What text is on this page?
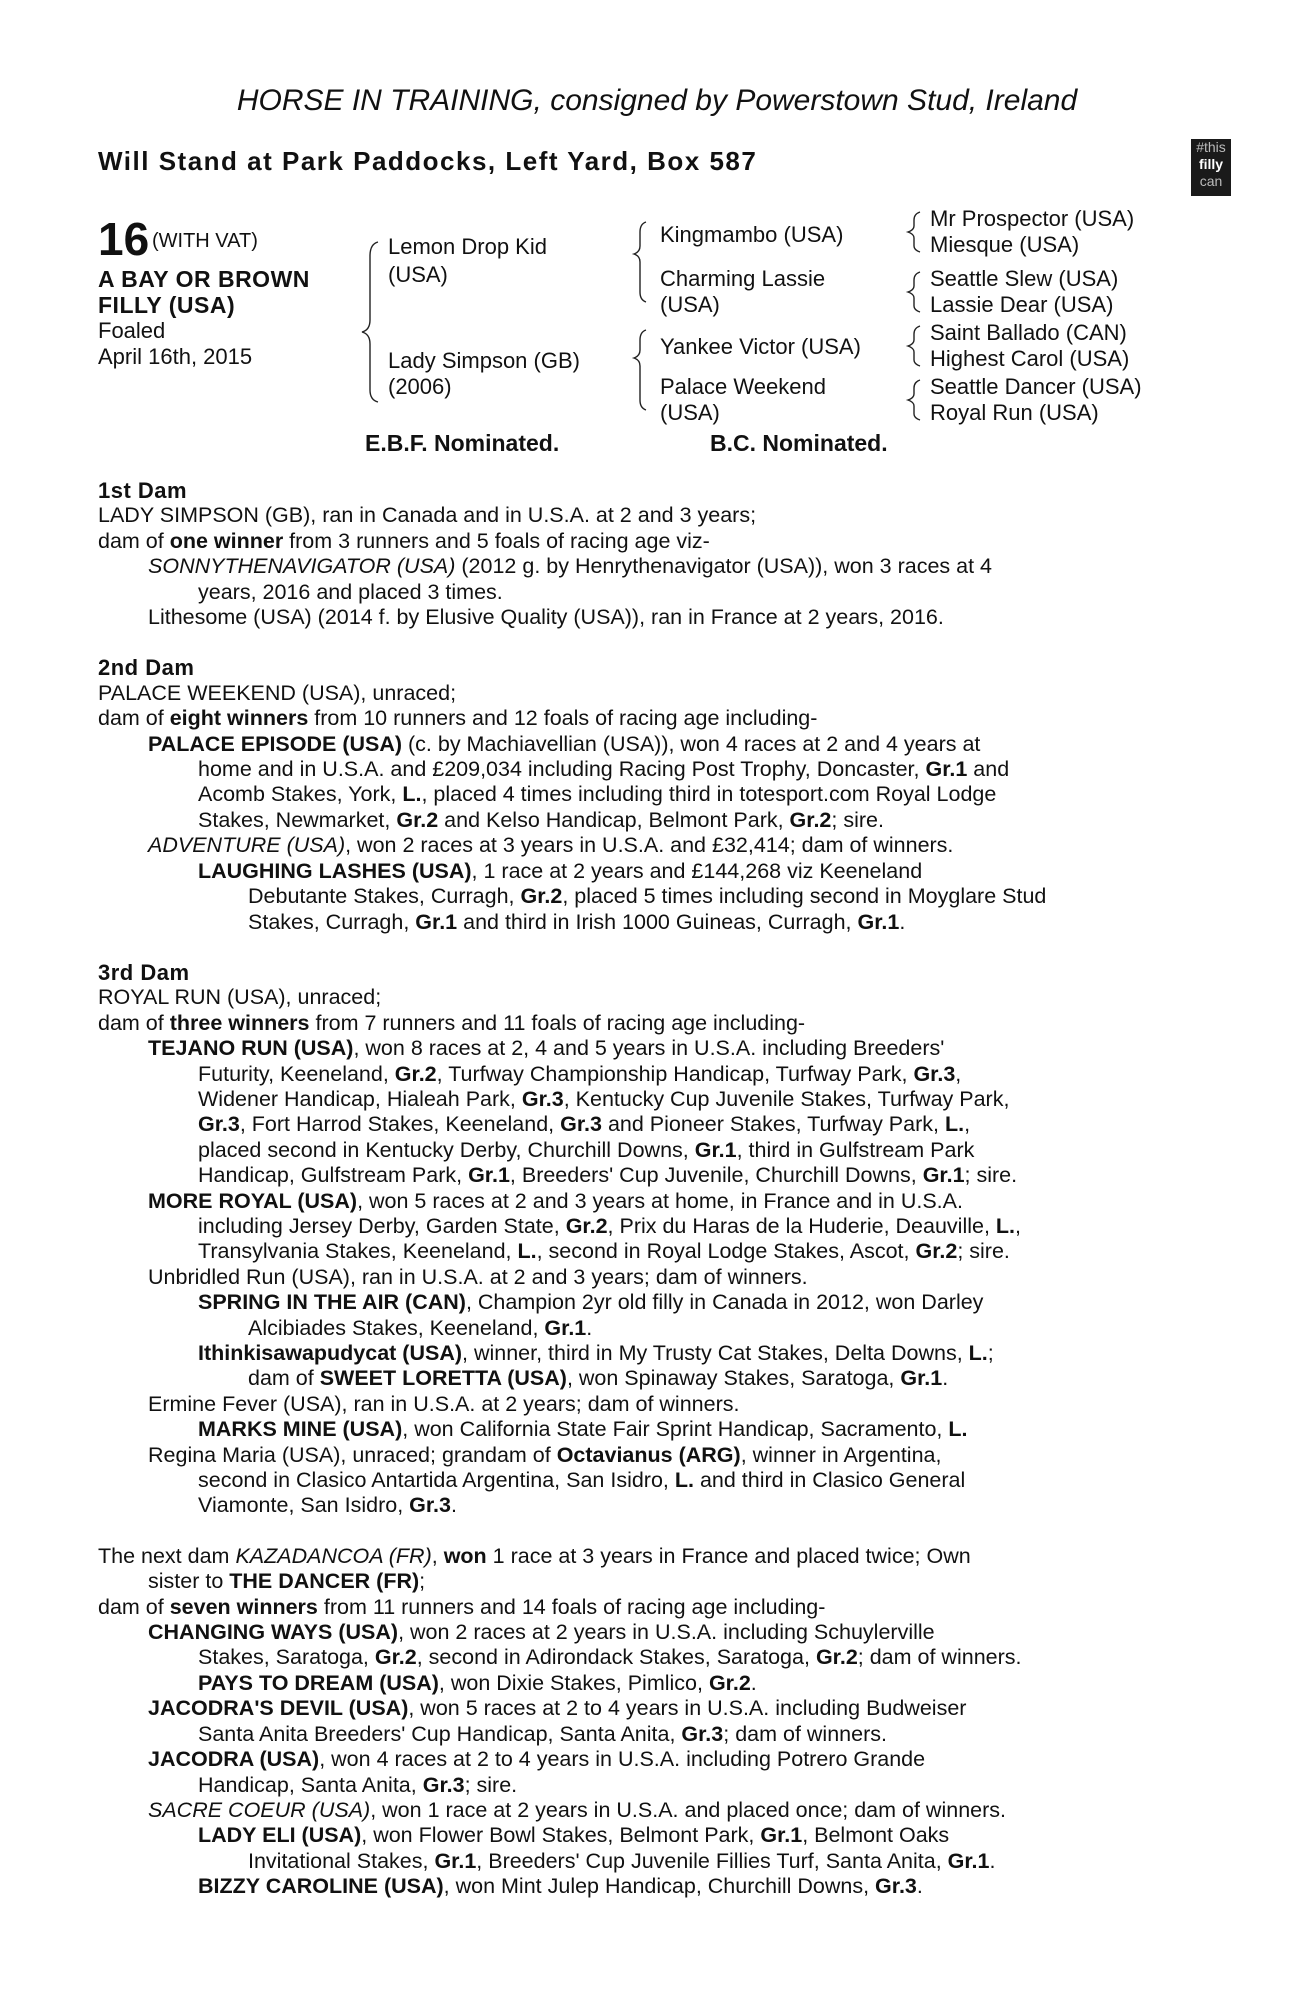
HORSE IN TRAINING, consigned by Powerstown Stud, Ireland
Will Stand at Park Paddocks, Left Yard, Box 587	#this
filly
can
16 (WITH VAT)
A BAY OR BROWN
FILLY (USA)
Foaled
April 16th, 2015
Lemon Drop Kid
(USA)
Lady Simpson (GB)
(2006)
Kingmambo (USA)
Charming Lassie
(USA)
Yankee Victor (USA)
Palace Weekend
(USA)
Mr Prospector (USA)
Miesque (USA)
Seattle Slew (USA)
Lassie Dear (USA)
Saint Ballado (CAN)
Highest Carol (USA)
Seattle Dancer (USA)
Royal Run (USA)
E.B.F. Nominated.	B.C. Nominated.
1st Dam
LADY SIMPSON (GB), ran in Canada and in U.S.A. at 2 and 3 years;
dam of one winner from 3 runners and 5 foals of racing age viz-
SONNYTHENAVIGATOR (USA) (2012 g. by Henrythenavigator (USA)), won 3 races at 4
years, 2016 and placed 3 times.
Lithesome (USA) (2014 f. by Elusive Quality (USA)), ran in France at 2 years, 2016.
2nd Dam
PALACE WEEKEND (USA), unraced;
dam of eight winners from 10 runners and 12 foals of racing age including-
PALACE EPISODE (USA) (c. by Machiavellian (USA)), won 4 races at 2 and 4 years at
home and in U.S.A. and £209,034 including Racing Post Trophy, Doncaster, Gr.1 and
Acomb Stakes, York, L., placed 4 times including third in totesport.com Royal Lodge
Stakes, Newmarket, Gr.2 and Kelso Handicap, Belmont Park, Gr.2; sire.
ADVENTURE (USA), won 2 races at 3 years in U.S.A. and £32,414; dam of winners.
LAUGHING LASHES (USA), 1 race at 2 years and £144,268 viz Keeneland
Debutante Stakes, Curragh, Gr.2, placed 5 times including second in Moyglare Stud
Stakes, Curragh, Gr.1 and third in Irish 1000 Guineas, Curragh, Gr.1.
3rd Dam
ROYAL RUN (USA), unraced;
dam of three winners from 7 runners and 11 foals of racing age including-
TEJANO RUN (USA), won 8 races at 2, 4 and 5 years in U.S.A. including Breeders'
Futurity, Keeneland, Gr.2, Turfway Championship Handicap, Turfway Park, Gr.3,
Widener Handicap, Hialeah Park, Gr.3, Kentucky Cup Juvenile Stakes, Turfway Park,
Gr.3, Fort Harrod Stakes, Keeneland, Gr.3 and Pioneer Stakes, Turfway Park, L.,
placed second in Kentucky Derby, Churchill Downs, Gr.1, third in Gulfstream Park
Handicap, Gulfstream Park, Gr.1, Breeders' Cup Juvenile, Churchill Downs, Gr.1; sire.
MORE ROYAL (USA), won 5 races at 2 and 3 years at home, in France and in U.S.A.
including Jersey Derby, Garden State, Gr.2, Prix du Haras de la Huderie, Deauville, L.,
Transylvania Stakes, Keeneland, L., second in Royal Lodge Stakes, Ascot, Gr.2; sire.
Unbridled Run (USA), ran in U.S.A. at 2 and 3 years; dam of winners.
SPRING IN THE AIR (CAN), Champion 2yr old filly in Canada in 2012, won Darley
Alcibiades Stakes, Keeneland, Gr.1.
Ithinkisawapudycat (USA), winner, third in My Trusty Cat Stakes, Delta Downs, L.;
dam of SWEET LORETTA (USA), won Spinaway Stakes, Saratoga, Gr.1.
Ermine Fever (USA), ran in U.S.A. at 2 years; dam of winners.
MARKS MINE (USA), won California State Fair Sprint Handicap, Sacramento, L.
Regina Maria (USA), unraced; grandam of Octavianus (ARG), winner in Argentina,
second in Clasico Antartida Argentina, San Isidro, L. and third in Clasico General
Viamonte, San Isidro, Gr.3.
The next dam KAZADANCOA (FR), won 1 race at 3 years in France and placed twice; Own
sister to THE DANCER (FR);
dam of seven winners from 11 runners and 14 foals of racing age including-
CHANGING WAYS (USA), won 2 races at 2 years in U.S.A. including Schuylerville
Stakes, Saratoga, Gr.2, second in Adirondack Stakes, Saratoga, Gr.2; dam of winners.
PAYS TO DREAM (USA), won Dixie Stakes, Pimlico, Gr.2.
JACODRA'S DEVIL (USA), won 5 races at 2 to 4 years in U.S.A. including Budweiser
Santa Anita Breeders' Cup Handicap, Santa Anita, Gr.3; dam of winners.
JACODRA (USA), won 4 races at 2 to 4 years in U.S.A. including Potrero Grande
Handicap, Santa Anita, Gr.3; sire.
SACRE COEUR (USA), won 1 race at 2 years in U.S.A. and placed once; dam of winners.
LADY ELI (USA), won Flower Bowl Stakes, Belmont Park, Gr.1, Belmont Oaks
Invitational Stakes, Gr.1, Breeders' Cup Juvenile Fillies Turf, Santa Anita, Gr.1.
BIZZY CAROLINE (USA), won Mint Julep Handicap, Churchill Downs, Gr.3.
